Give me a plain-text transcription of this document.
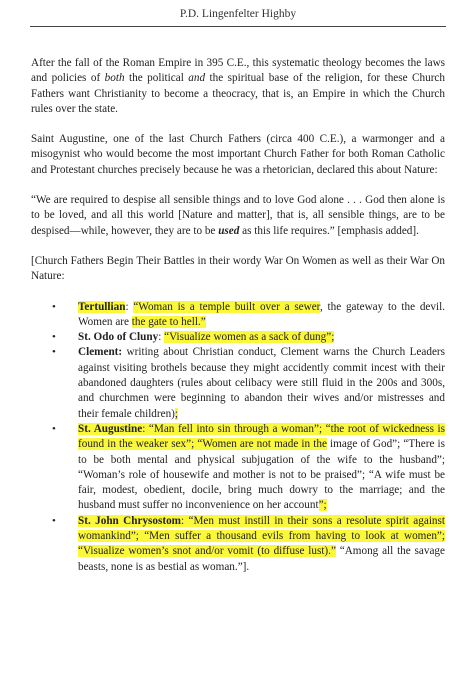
P.D. Lingenfelter Highby

After the fall of the Roman Empire in 395 C.E., this systematic theology becomes the laws and policies of both the political and the spiritual base of the religion, for these Church Fathers want Christianity to become a theocracy, that is, an Empire in which the Church rules over the state.

Saint Augustine, one of the last Church Fathers (circa 400 C.E.), a warmonger and a misogynist who would become the most important Church Father for both Roman Catholic and Protestant churches precisely because he was a rhetorician, declared this about Nature:

“We are required to despise all sensible things and to love God alone . . . God then alone is to be loved, and all this world [Nature and matter], that is, all sensible things, are to be despised—while, however, they are to be used as this life requires.” [emphasis added].

[Church Fathers Begin Their Battles in their wordy War On Women as well as their War On Nature:

• Tertullian: “Woman is a temple built over a sewer, the gateway to the devil. Women are the gate to hell.”
• St. Odo of Cluny: “Visualize women as a sack of dung”;
• Clement: writing about Christian conduct, Clement warns the Church Leaders against visiting brothels because they might accidently commit incest with their abandoned daughters (rules about celibacy were still fluid in the 200s and 300s, and churchmen were beginning to abandon their wives and/or mistresses and their female children);
• St. Augustine: “Man fell into sin through a woman”; “the root of wickedness is found in the weaker sex”; “Women are not made in the image of God”; “There is to be both mental and physical subjugation of the wife to the husband”; “Woman’s role of housewife and mother is not to be praised”; “A wife must be fair, modest, obedient, docile, bring much dowry to the marriage; and the husband must suffer no inconvenience on her account”;
• St. John Chrysostom: “Men must instill in their sons a resolute spirit against womankind”; “Men suffer a thousand evils from having to look at women”; “Visualize women’s snot and/or vomit (to diffuse lust).” “Among all the savage beasts, none is as bestial as woman.”].
